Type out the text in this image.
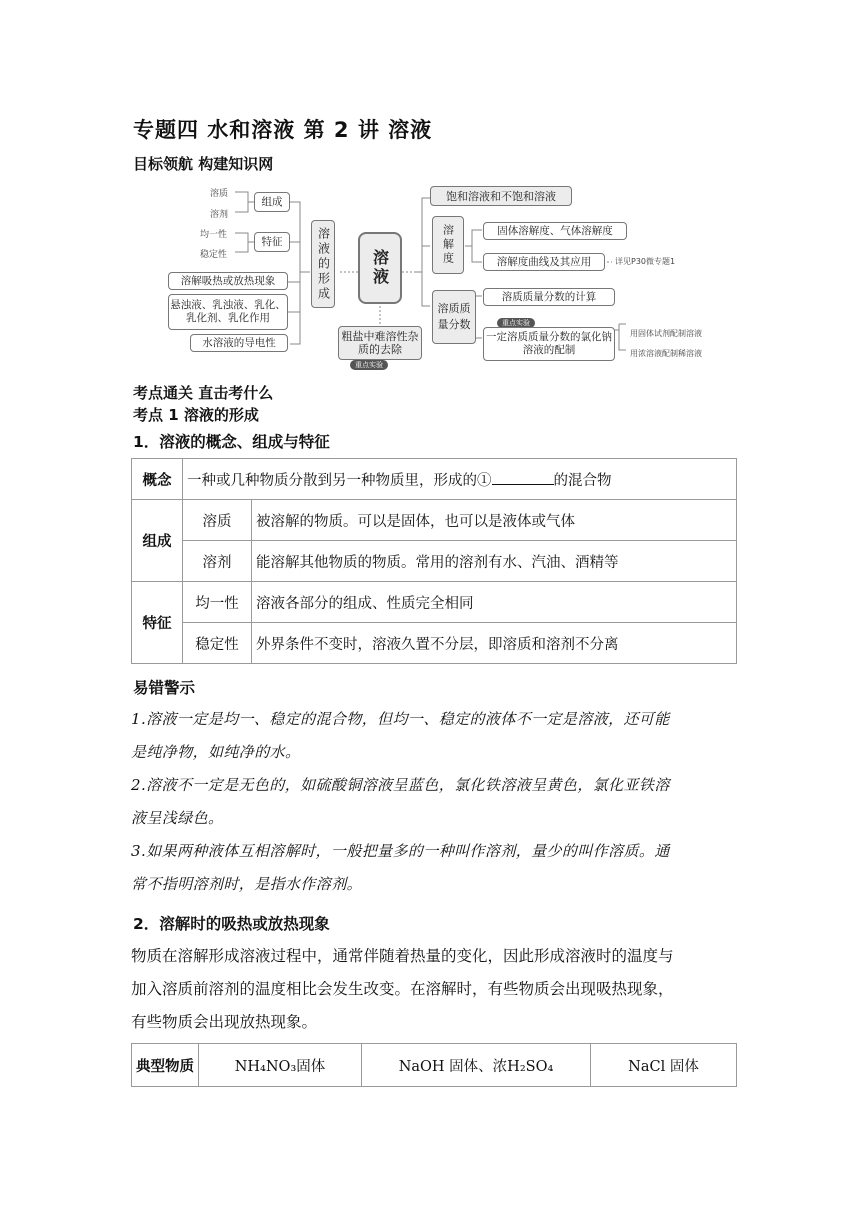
专题四 水和溶液 第 2 讲 溶液
目标领航 构建知识网
溶质
溶剂
均一性
稳定性
组成
特征
溶解吸热或放热现象
悬浊液、乳浊液、乳化、乳化剂、乳化作用
水溶液的导电性
溶液的形成	溶液
粗盐中难溶性杂质的去除
重点实验
饱和溶液和不饱和溶液
溶解度	固体溶解度、气体溶解度
溶解度曲线及其应用	详见P30微专题1
溶质质量分数
溶质质量分数的计算
重点实验
一定溶质质量分数的氯化钠溶液的配制
用固体试剂配制溶液
用浓溶液配制稀溶液
考点通关 直击考什么
考点 1 溶液的形成
1．溶液的概念、组成与特征
概念	一种或几种物质分散到另一种物质里，形成的① 的混合物	
组成	溶质	被溶解的物质。可以是固体，也可以是液体或气体
	溶剂	能溶解其他物质的物质。常用的溶剂有水、汽油、酒精等
特征	均一性	溶液各部分的组成、性质完全相同
	稳定性	外界条件不变时，溶液久置不分层，即溶质和溶剂不分离
易错警示
1.溶液一定是均一、稳定的混合物，但均一、稳定的液体不一定是溶液，还可能
是纯净物，如纯净的水。
2.溶液不一定是无色的，如硫酸铜溶液呈蓝色，氯化铁溶液呈黄色，氯化亚铁溶
液呈浅绿色。
3.如果两种液体互相溶解时，一般把量多的一种叫作溶剂，量少的叫作溶质。通
常不指明溶剂时，是指水作溶剂。
2．溶解时的吸热或放热现象
物质在溶解形成溶液过程中，通常伴随着热量的变化，因此形成溶液时的温度与
加入溶质前溶剂的温度相比会发生改变。在溶解时，有些物质会出现吸热现象，
有些物质会出现放热现象。
典型物质	NH₄NO₃固体	NaOH 固体、浓H₂SO₄	NaCl 固体
